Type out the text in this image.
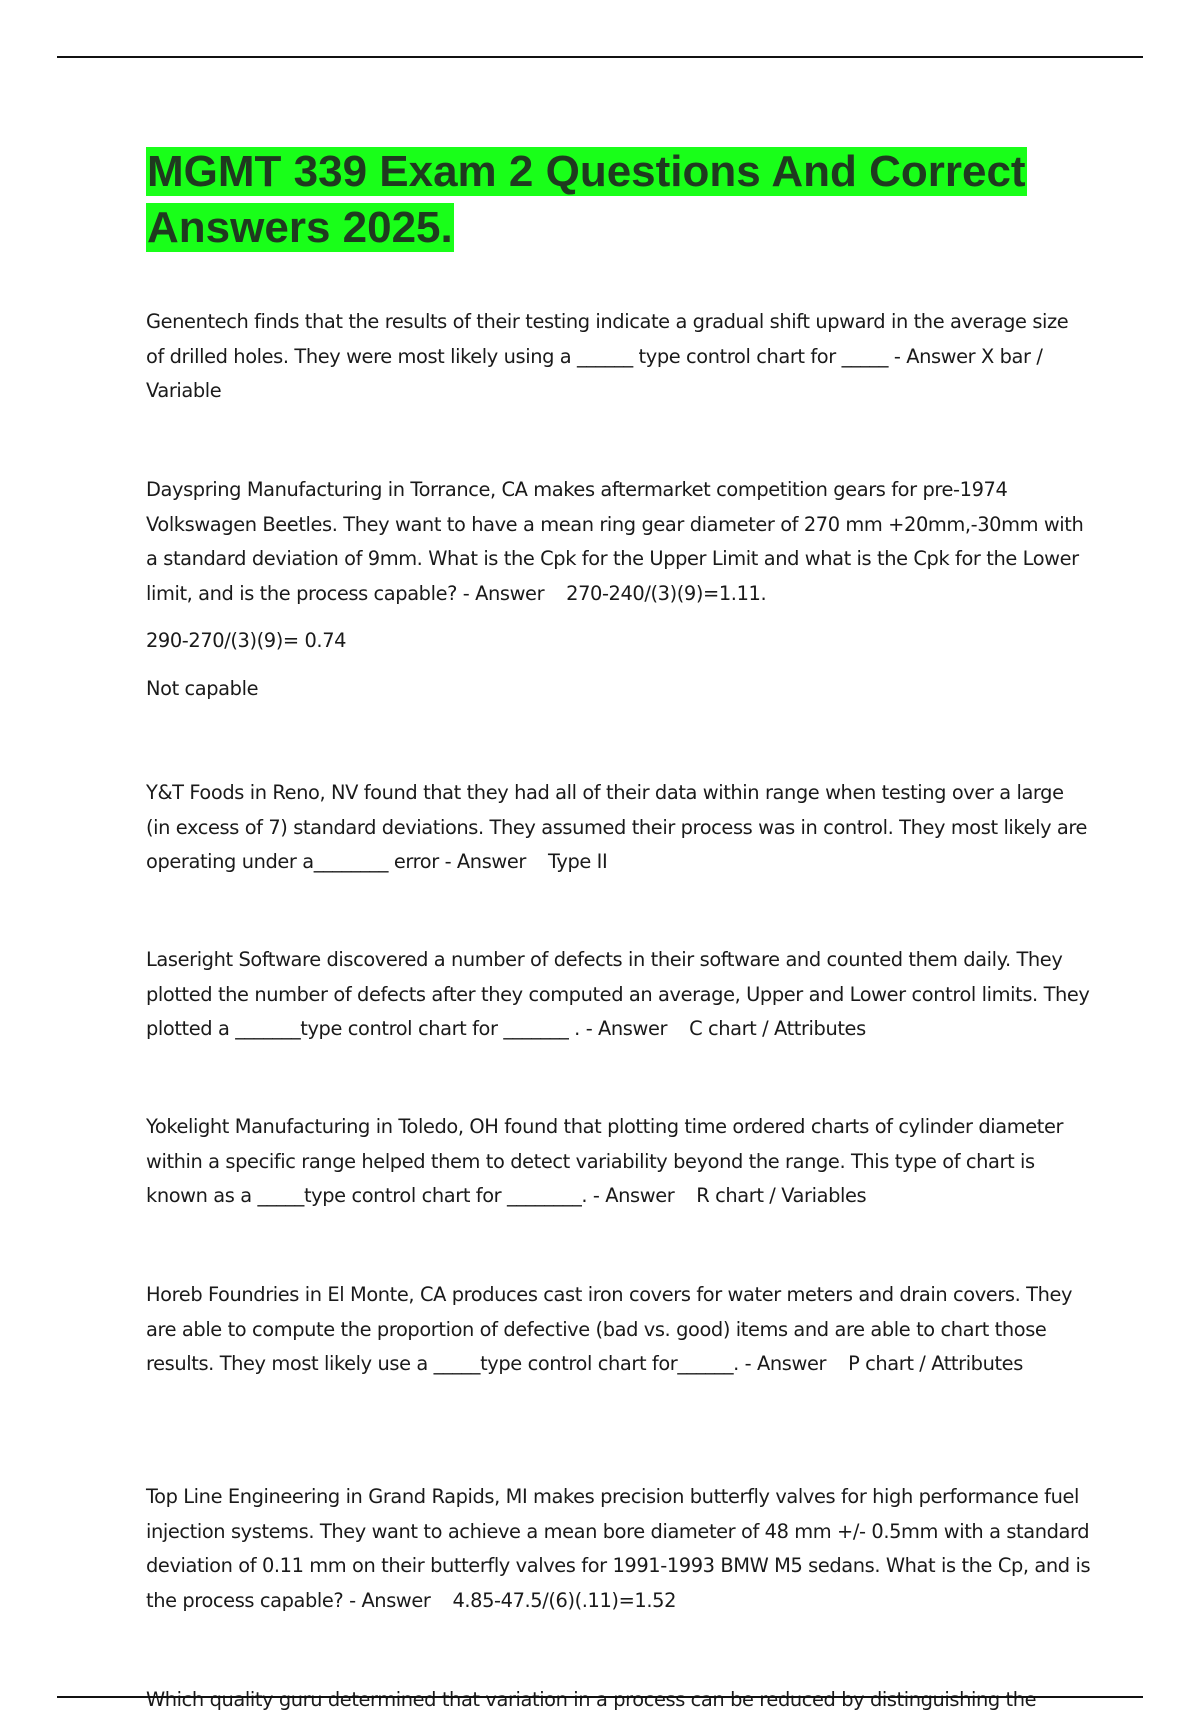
MGMT 339 Exam 2 Questions And Correct Answers 2025.

Genentech finds that the results of their testing indicate a gradual shift upward in the average size of drilled holes. They were most likely using a ______ type control chart for _____ - Answer X bar / Variable

Dayspring Manufacturing in Torrance, CA makes aftermarket competition gears for pre-1974 Volkswagen Beetles. They want to have a mean ring gear diameter of 270 mm +20mm,-30mm with a standard deviation of 9mm. What is the Cpk for the Upper Limit and what is the Cpk for the Lower limit, and is the process capable? - Answer 270-240/(3)(9)=1.11.

290-270/(3)(9)= 0.74

Not capable

Y&T Foods in Reno, NV found that they had all of their data within range when testing over a large (in excess of 7) standard deviations. They assumed their process was in control. They most likely are operating under a________ error - Answer Type II

Laseright Software discovered a number of defects in their software and counted them daily. They plotted the number of defects after they computed an average, Upper and Lower control limits. They plotted a _______type control chart for _______ . - Answer C chart / Attributes

Yokelight Manufacturing in Toledo, OH found that plotting time ordered charts of cylinder diameter within a specific range helped them to detect variability beyond the range. This type of chart is known as a _____type control chart for ________. - Answer R chart / Variables

Horeb Foundries in El Monte, CA produces cast iron covers for water meters and drain covers. They are able to compute the proportion of defective (bad vs. good) items and are able to chart those results. They most likely use a _____type control chart for______. - Answer P chart / Attributes

Top Line Engineering in Grand Rapids, MI makes precision butterfly valves for high performance fuel injection systems. They want to achieve a mean bore diameter of 48 mm +/- 0.5mm with a standard deviation of 0.11 mm on their butterfly valves for 1991-1993 BMW M5 sedans. What is the Cp, and is the process capable? - Answer 4.85-47.5/(6)(.11)=1.52

Which quality guru determined that variation in a process can be reduced by distinguishing the
